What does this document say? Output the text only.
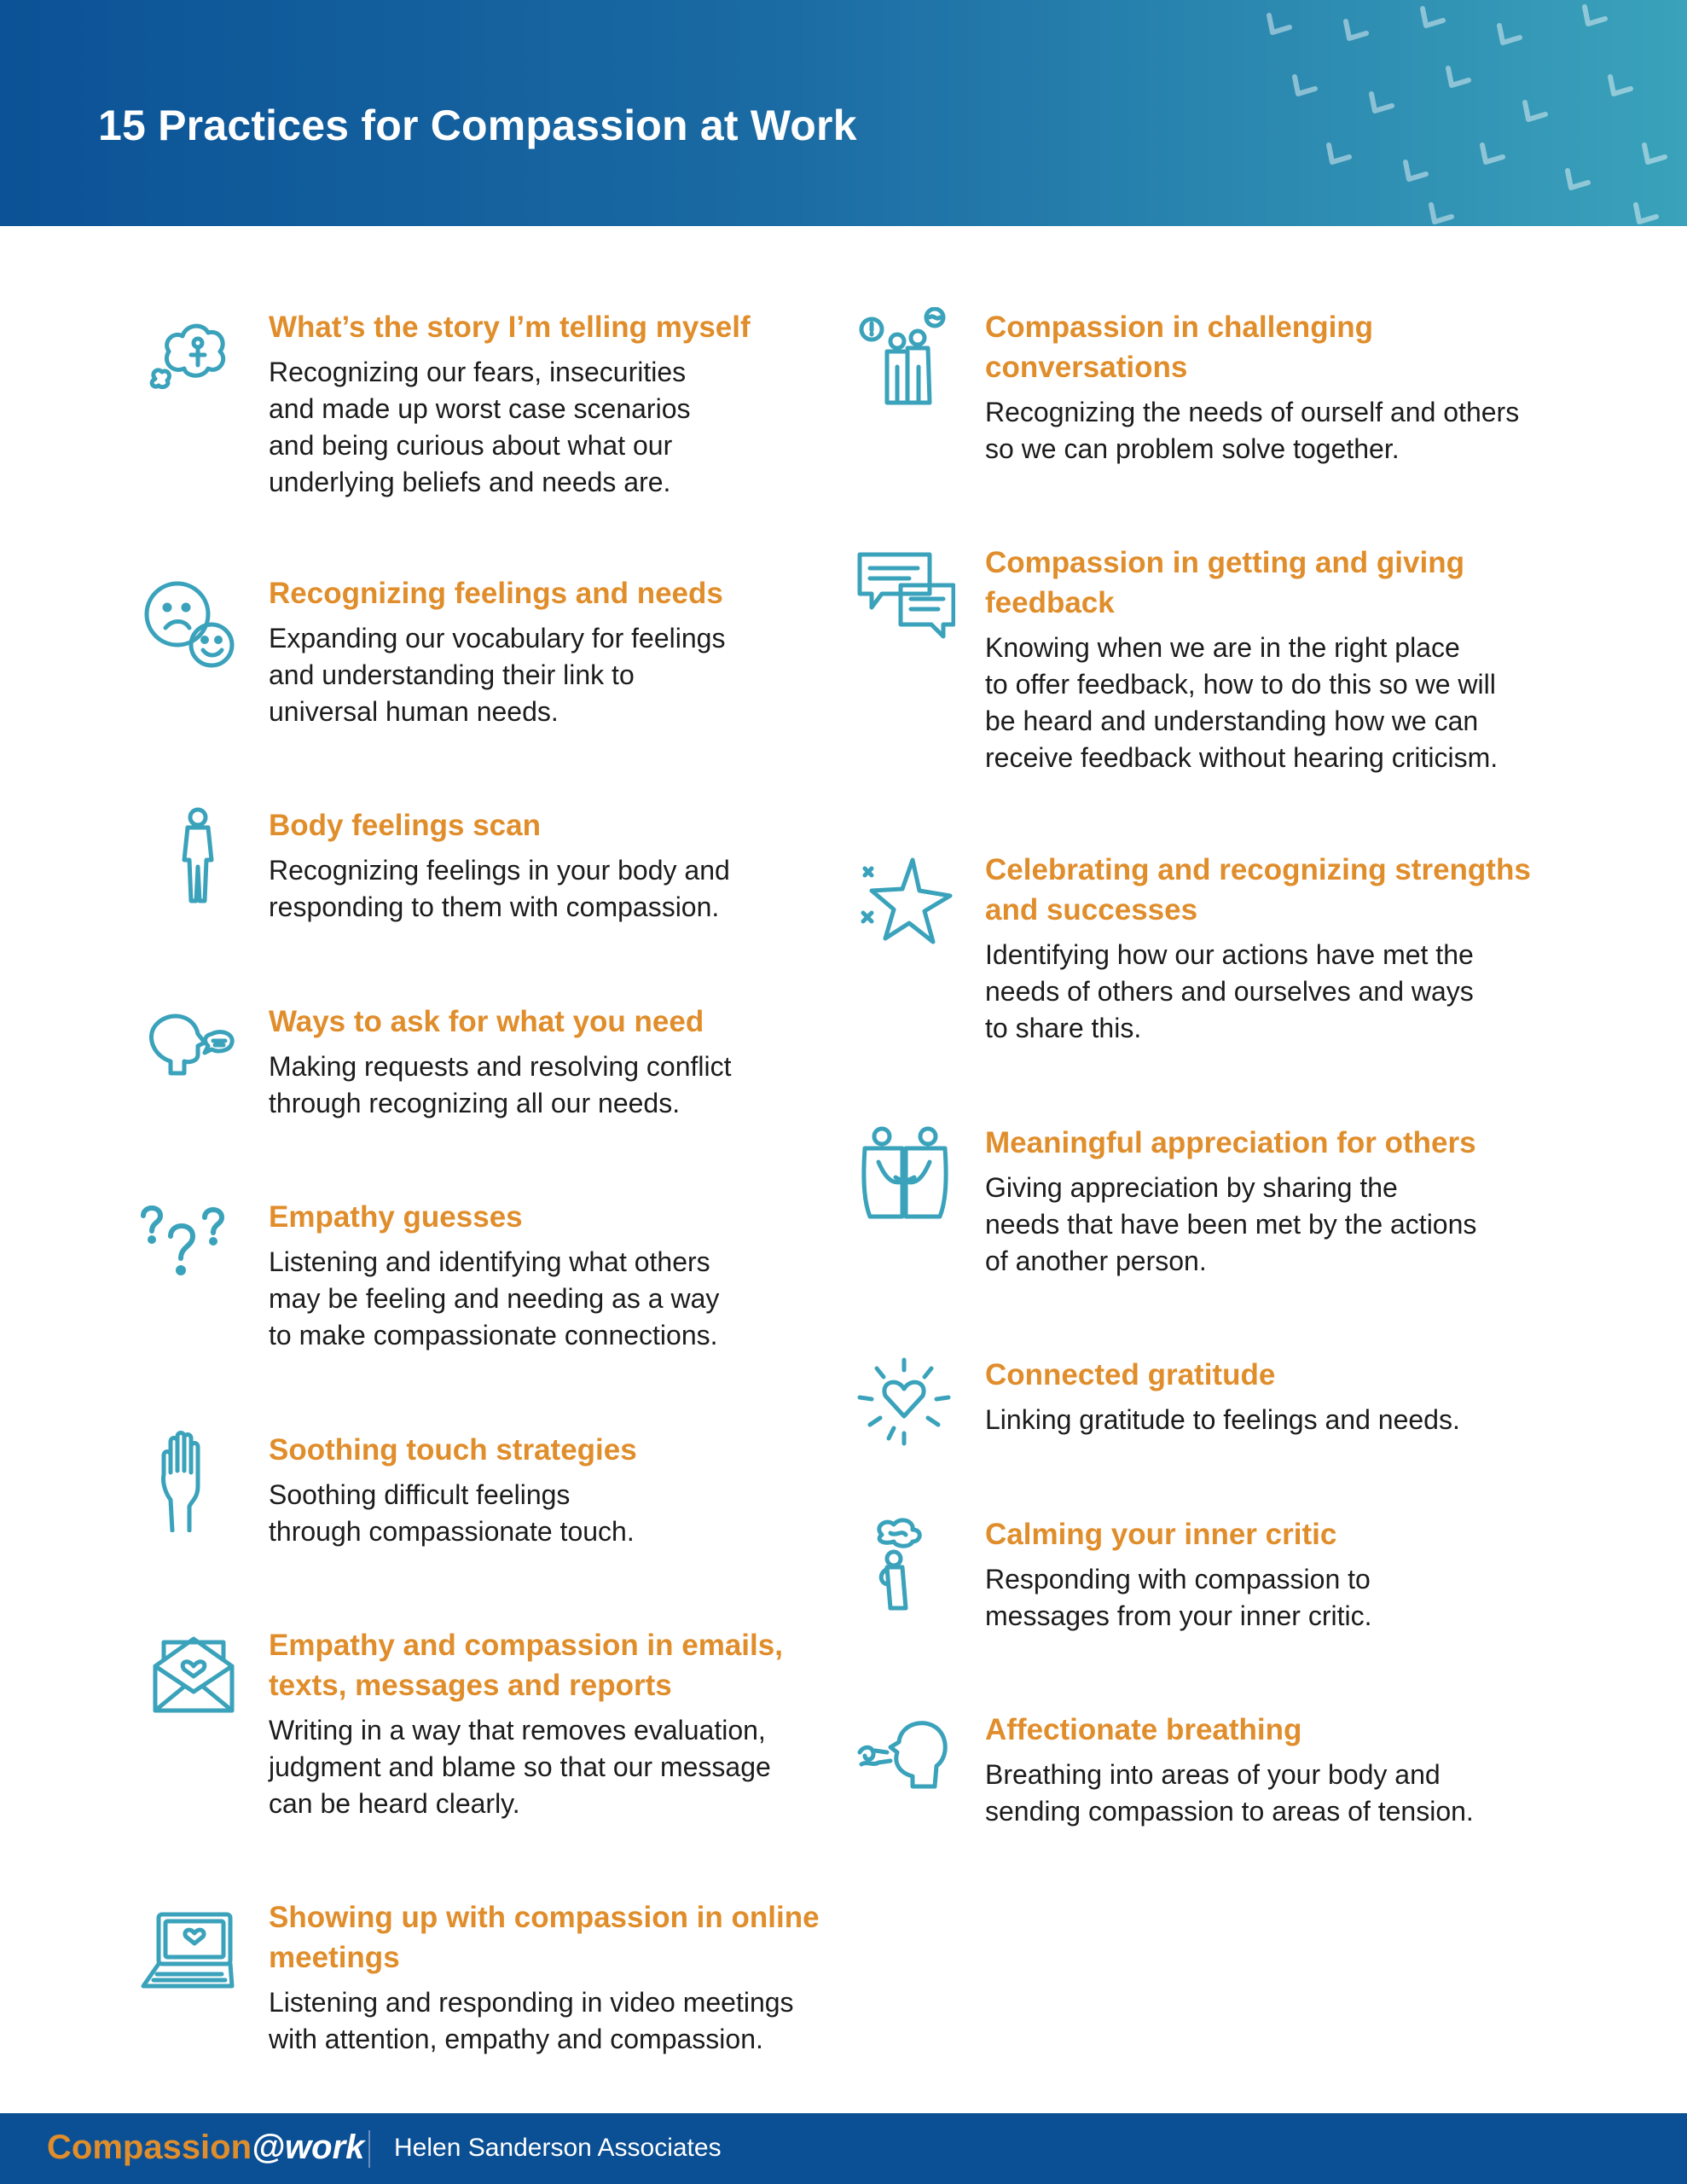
15 Practices for Compassion at Work
What’s the story I’m telling myself

Recognizing our fears, insecurities
and made up worst case scenarios
and being curious about what our
underlying beliefs and needs are.

Recognizing feelings and needs

Expanding our vocabulary for feelings
and understanding their link to
universal human needs.

Body feelings scan

Recognizing feelings in your body and
responding to them with compassion.

Ways to ask for what you need

Making requests and resolving conflict
through recognizing all our needs.

Empathy guesses

Listening and identifying what others
may be feeling and needing as a way
to make compassionate connections.

Soothing touch strategies

Soothing difficult feelings
through compassionate touch.

Empathy and compassion in emails, texts, messages and reports

Writing in a way that removes evaluation,
judgment and blame so that our message
can be heard clearly.

Showing up with compassion in online meetings

Listening and responding in video meetings
with attention, empathy and compassion.

Compassion in challenging conversations

Recognizing the needs of ourself and others
so we can problem solve together.

Compassion in getting and giving feedback

Knowing when we are in the right place
to offer feedback, how to do this so we will
be heard and understanding how we can
receive feedback without hearing criticism.

Celebrating and recognizing strengths and successes

Identifying how our actions have met the
needs of others and ourselves and ways
to share this.

Meaningful appreciation for others

Giving appreciation by sharing the
needs that have been met by the actions
of another person.

Connected gratitude

Linking gratitude to feelings and needs.

Calming your inner critic

Responding with compassion to
messages from your inner critic.

Affectionate breathing

Breathing into areas of your body and
sending compassion to areas of tension.

Compassion@work Helen Sanderson Associates
